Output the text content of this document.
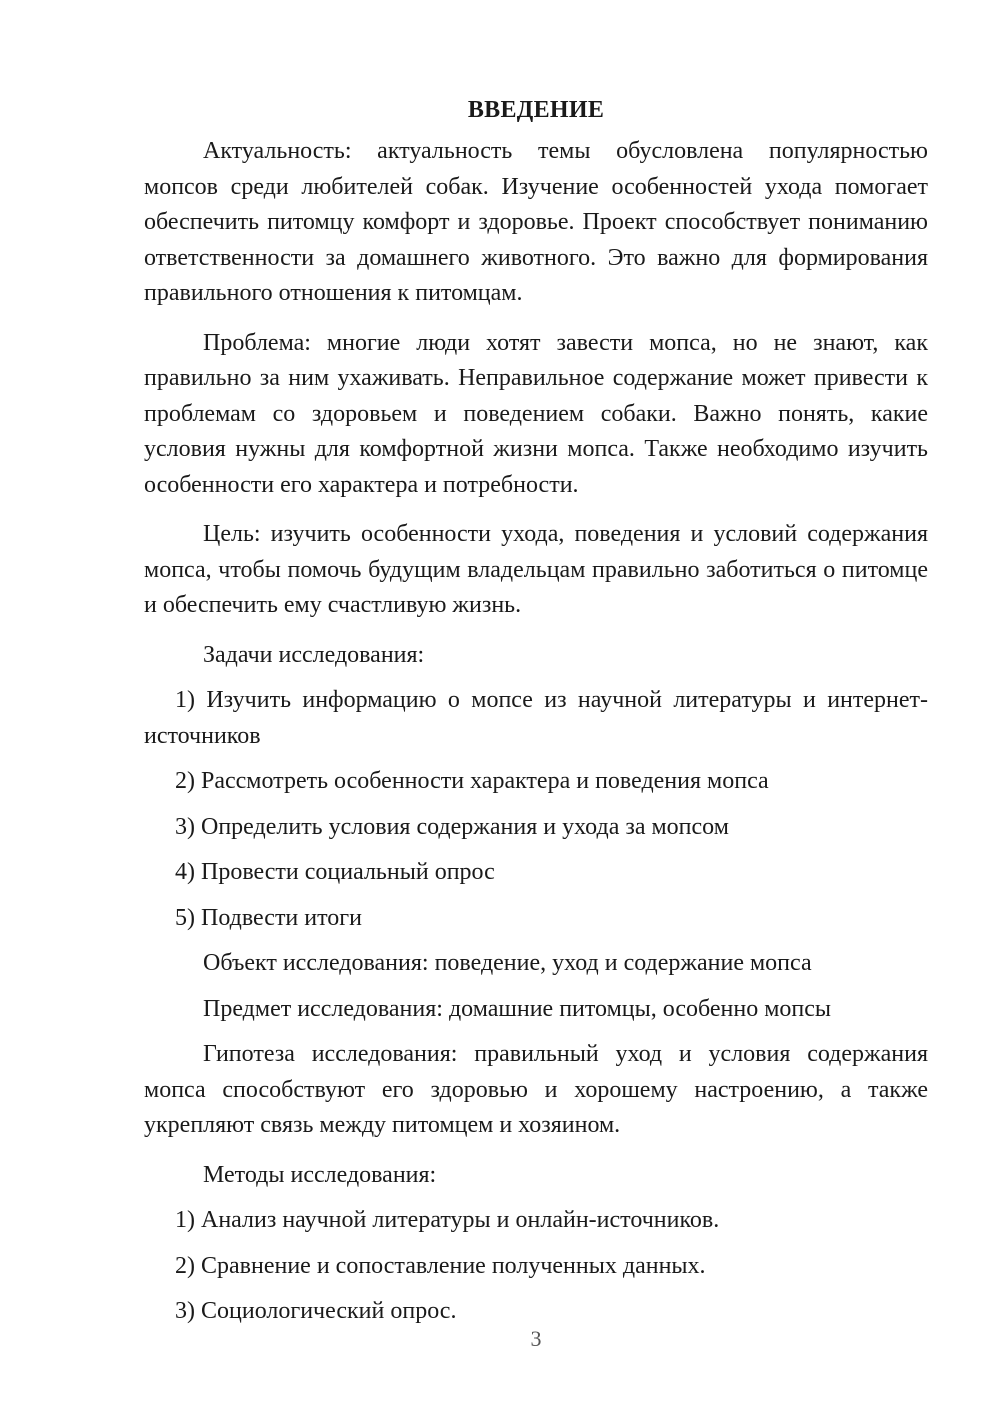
ВВЕДЕНИЕ

Актуальность: актуальность темы обусловлена популярностью мопсов среди любителей собак. Изучение особенностей ухода помогает обеспечить питомцу комфорт и здоровье. Проект способствует пониманию ответственности за домашнего животного. Это важно для формирования правильного отношения к питомцам.

Проблема: многие люди хотят завести мопса, но не знают, как правильно за ним ухаживать. Неправильное содержание может привести к проблемам со здоровьем и поведением собаки. Важно понять, какие условия нужны для комфортной жизни мопса. Также необходимо изучить особенности его характера и потребности.

Цель: изучить особенности ухода, поведения и условий содержания мопса, чтобы помочь будущим владельцам правильно заботиться о питомце и обеспечить ему счастливую жизнь.

Задачи исследования:

1) Изучить информацию о мопсе из научной литературы и интернет-источников

2) Рассмотреть особенности характера и поведения мопса

3) Определить условия содержания и ухода за мопсом

4) Провести социальный опрос

5) Подвести итоги

Объект исследования: поведение, уход и содержание мопса

Предмет исследования: домашние питомцы, особенно мопсы

Гипотеза исследования: правильный уход и условия содержания мопса способствуют его здоровью и хорошему настроению, а также укрепляют связь между питомцем и хозяином.

Методы исследования:

1) Анализ научной литературы и онлайн-источников.

2) Сравнение и сопоставление полученных данных.

3) Социологический опрос.

3
